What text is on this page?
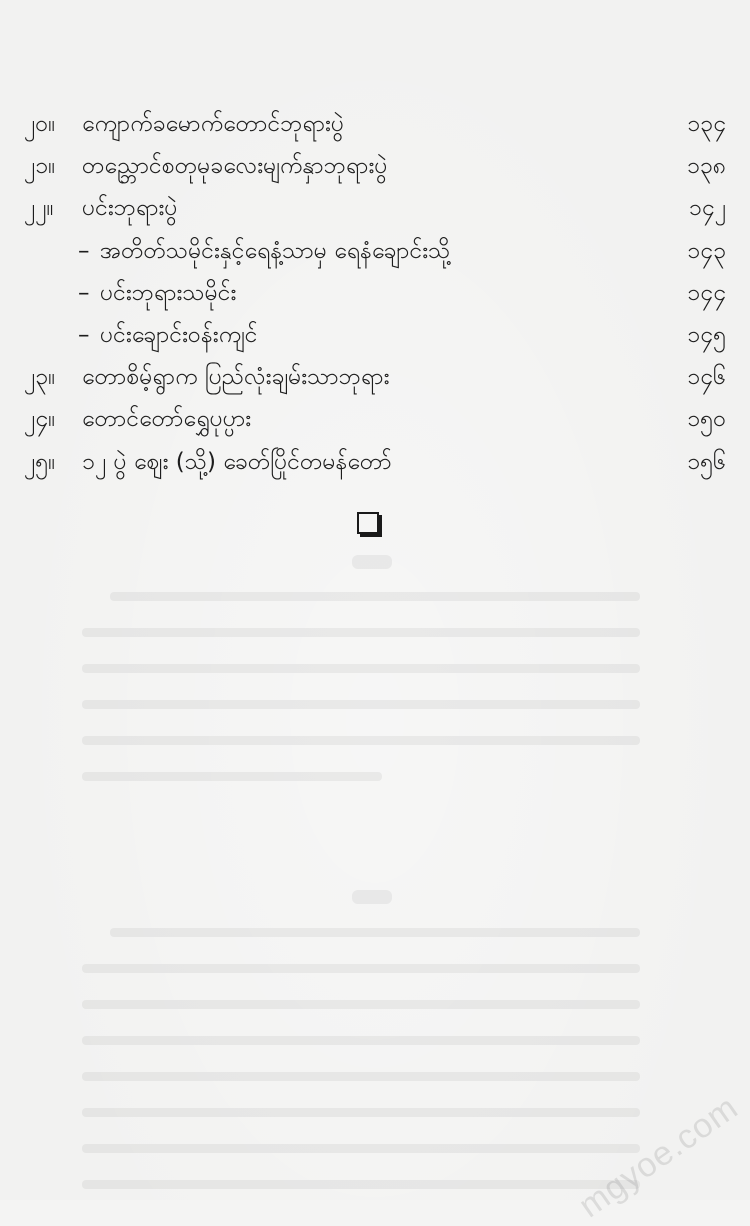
၂၀။	ကျောက်ခမောက်တောင်ဘုရားပွဲ	၁၃၄
၂၁။	တည္ဘောင်စတုမုခလေးမျက်နှာဘုရားပွဲ	၁၃၈
၂၂။	ပင်းဘုရားပွဲ	၁၄၂
– အတိတ်သမိုင်းနှင့်ရေနံ့သာမှ ရေနံချောင်းသို့	၁၄၃
– ပင်းဘုရားသမိုင်း	၁၄၄
– ပင်းချောင်းဝန်းကျင်	၁၄၅
၂၃။	တောစိမ့်ရွာက ပြည်လုံးချမ်းသာဘုရား	၁၄၆
၂၄။	တောင်တော်ရွှေပုပ္ပား	၁၅၀
၂၅။	၁၂ ပွဲ ဈေး (သို့) ခေတ်ပြိုင်တမန်တော်	၁၅၆
mgyoe.com
